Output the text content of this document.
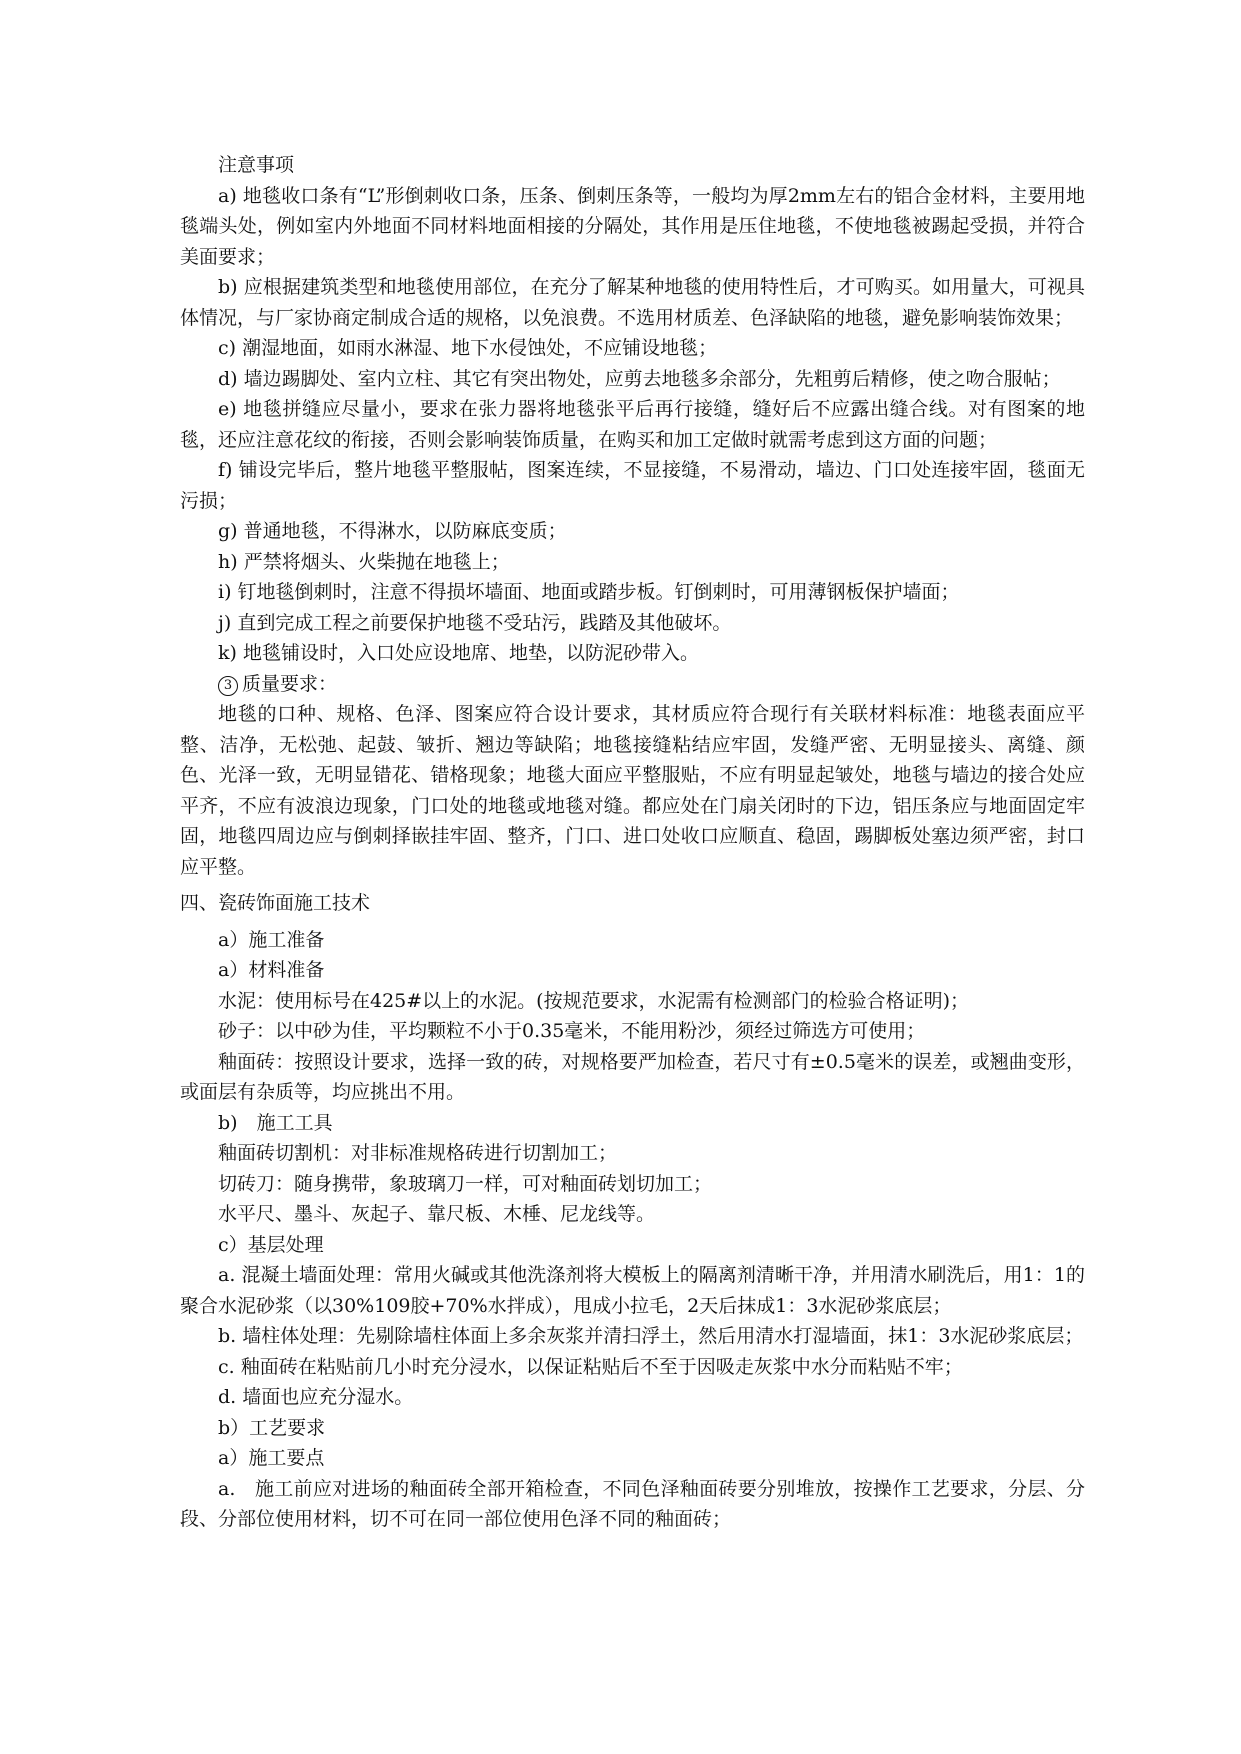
注意事项

a) 地毯收口条有“L”形倒刺收口条，压条、倒刺压条等，一般均为厚2mm左右的铝合金材料，主要用地毯端头处，例如室内外地面不同材料地面相接的分隔处，其作用是压住地毯，不使地毯被踢起受损，并符合美面要求；

b) 应根据建筑类型和地毯使用部位，在充分了解某种地毯的使用特性后，才可购买。如用量大，可视具体情况，与厂家协商定制成合适的规格，以免浪费。不选用材质差、色泽缺陷的地毯，避免影响装饰效果；

c) 潮湿地面，如雨水淋湿、地下水侵蚀处，不应铺设地毯；

d) 墙边踢脚处、室内立柱、其它有突出物处，应剪去地毯多余部分，先粗剪后精修，使之吻合服帖；

e) 地毯拼缝应尽量小，要求在张力器将地毯张平后再行接缝，缝好后不应露出缝合线。对有图案的地毯，还应注意花纹的衔接，否则会影响装饰质量，在购买和加工定做时就需考虑到这方面的问题；

f) 铺设完毕后，整片地毯平整服帖，图案连续，不显接缝，不易滑动，墙边、门口处连接牢固，毯面无污损；

g) 普通地毯，不得淋水，以防麻底变质；

h) 严禁将烟头、火柴抛在地毯上；

i) 钉地毯倒刺时，注意不得损坏墙面、地面或踏步板。钉倒刺时，可用薄钢板保护墙面；

j) 直到完成工程之前要保护地毯不受玷污，践踏及其他破坏。

k) 地毯铺设时，入口处应设地席、地垫，以防泥砂带入。

3 质量要求：

地毯的口种、规格、色泽、图案应符合设计要求，其材质应符合现行有关联材料标准：地毯表面应平整、洁净，无松弛、起鼓、皱折、翘边等缺陷；地毯接缝粘结应牢固，发缝严密、无明显接头、离缝、颜色、光泽一致，无明显错花、错格现象；地毯大面应平整服贴，不应有明显起皱处，地毯与墙边的接合处应平齐，不应有波浪边现象，门口处的地毯或地毯对缝。都应处在门扇关闭时的下边，铝压条应与地面固定牢固，地毯四周边应与倒刺择嵌挂牢固、整齐，门口、进口处收口应顺直、稳固，踢脚板处塞边须严密，封口应平整。

四、瓷砖饰面施工技术

a）施工准备

a）材料准备

水泥：使用标号在425#以上的水泥。(按规范要求，水泥需有检测部门的检验合格证明)；

砂子：以中砂为佳，平均颗粒不小于0.35毫米，不能用粉沙，须经过筛选方可使用；

釉面砖：按照设计要求，选择一致的砖，对规格要严加检查，若尺寸有±0.5毫米的误差，或翘曲变形，或面层有杂质等，均应挑出不用。

b)　施工工具

釉面砖切割机：对非标准规格砖进行切割加工；

切砖刀：随身携带，象玻璃刀一样，可对釉面砖划切加工；

水平尺、墨斗、灰起子、靠尺板、木棰、尼龙线等。

c）基层处理

a. 混凝土墙面处理：常用火碱或其他洗涤剂将大模板上的隔离剂清晰干净，并用清水刷洗后，用1：1的聚合水泥砂浆（以30%109胶+70%水拌成），甩成小拉毛，2天后抹成1：3水泥砂浆底层；

b. 墙柱体处理：先剔除墙柱体面上多余灰浆并清扫浮土，然后用清水打湿墙面，抹1：3水泥砂浆底层；

c. 釉面砖在粘贴前几小时充分浸水，以保证粘贴后不至于因吸走灰浆中水分而粘贴不牢；

d. 墙面也应充分湿水。

b）工艺要求

a）施工要点

a.　施工前应对进场的釉面砖全部开箱检查，不同色泽釉面砖要分别堆放，按操作工艺要求，分层、分段、分部位使用材料，切不可在同一部位使用色泽不同的釉面砖；
